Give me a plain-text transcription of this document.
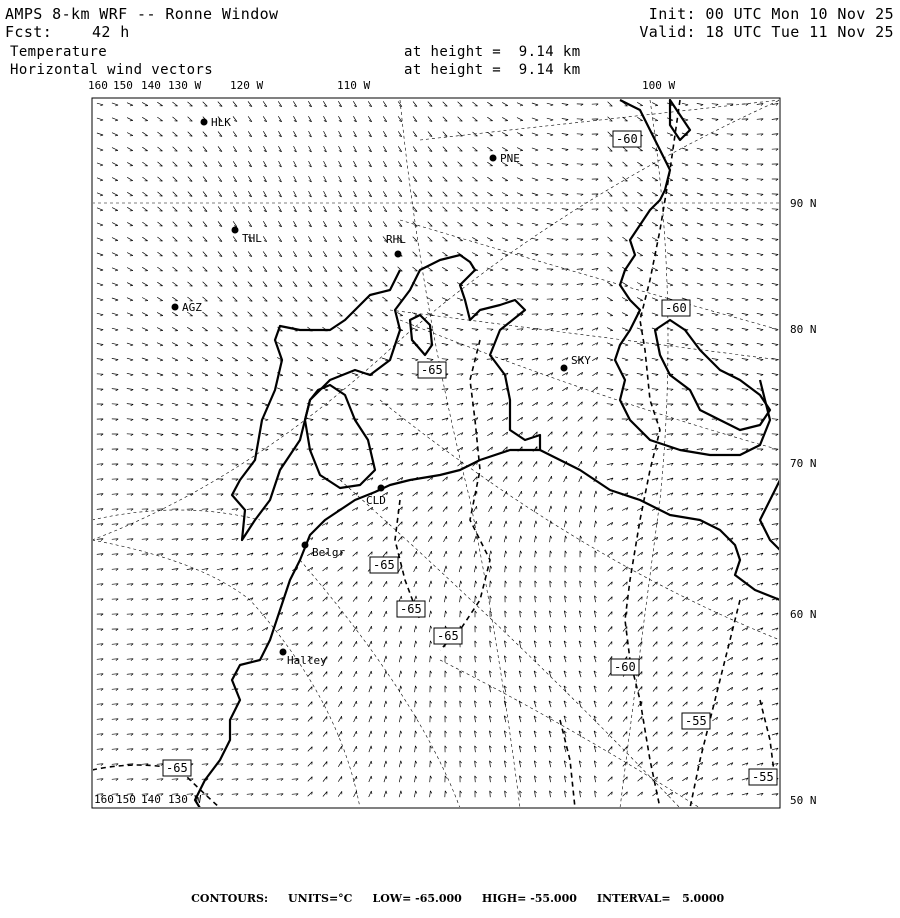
AMPS 8-km WRF -- Ronne Window
Fcst:	42 h
Init: 00 UTC Mon 10 Nov 25
Valid: 18 UTC Tue 11 Nov 25
Temperature	at height =  9.14 km
Horizontal wind vectors	at height =  9.14 km
-60
-60
-65
-65
-65
-65
-60
-55
-65
-55
HLK
PNE
THL	RHL
AGZ
SKY
CLD
Belgr
Halley
160 150 140 130 W	120 W	110 W	100 W
160 150 140 130 W
90 N
80 N
70 N
60 N
50 N

CONTOURS: UNITS=°C LOW= -65.000 HIGH= -55.000 INTERVAL=   5.0000
